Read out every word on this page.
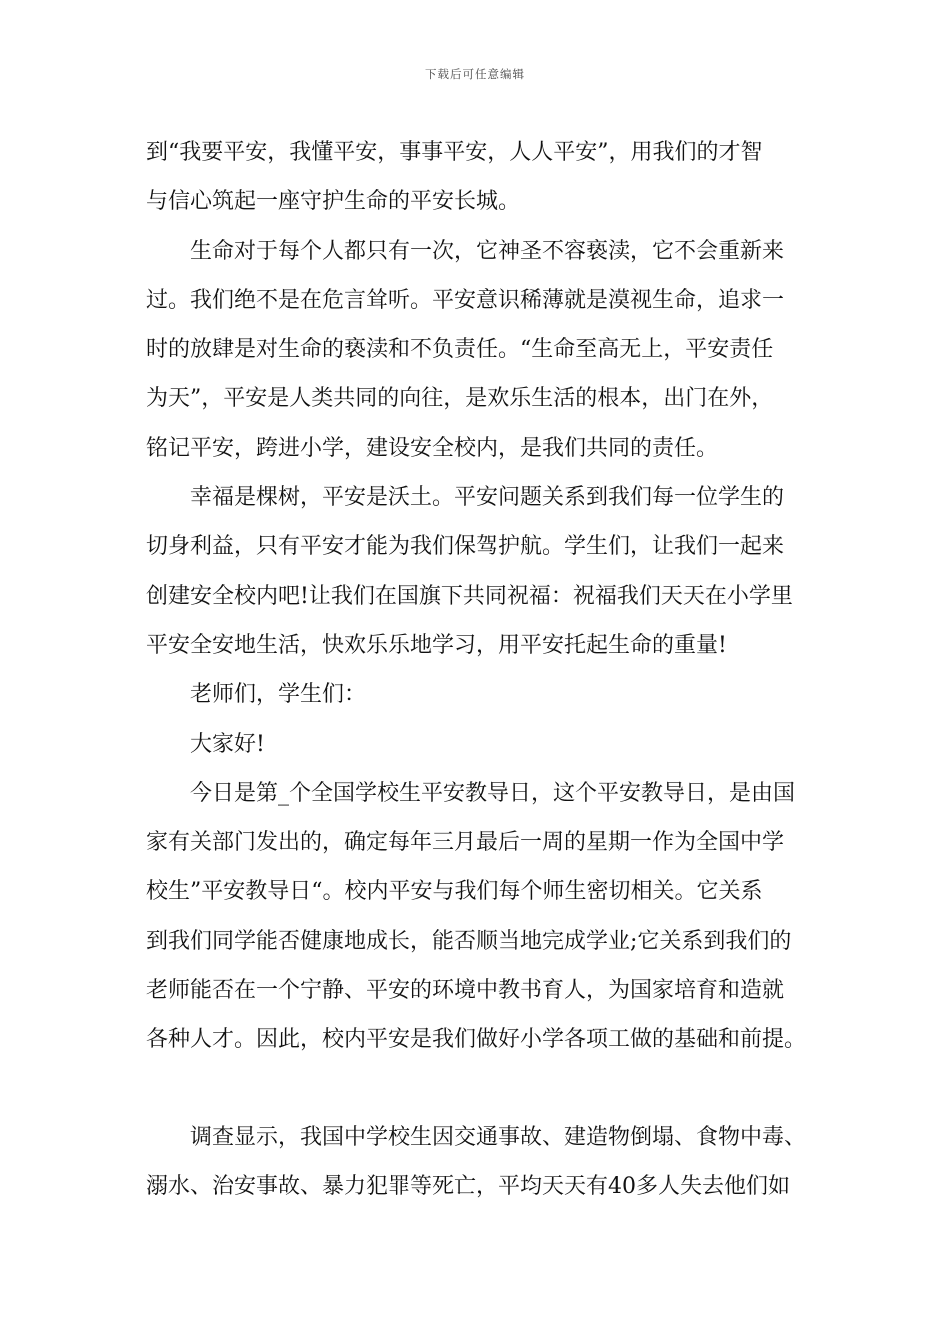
下载后可任意编辑
到“我要平安，我懂平安，事事平安，人人平安”，用我们的才智
与信心筑起一座守护生命的平安长城。
生命对于每个人都只有一次，它神圣不容亵渎，它不会重新来
过。我们绝不是在危言耸听。平安意识稀薄就是漠视生命，追求一
时的放肆是对生命的亵渎和不负责任。“生命至高无上，平安责任
为天”，平安是人类共同的向往，是欢乐生活的根本，出门在外，
铭记平安，跨进小学，建设安全校内，是我们共同的责任。
幸福是棵树，平安是沃土。平安问题关系到我们每一位学生的
切身利益，只有平安才能为我们保驾护航。学生们，让我们一起来
创建安全校内吧!让我们在国旗下共同祝福：祝福我们天天在小学里
平安全安地生活，快欢乐乐地学习，用平安托起生命的重量!
老师们，学生们：
大家好!
今日是第_个全国学校生平安教导日，这个平安教导日，是由国
家有关部门发出的，确定每年三月最后一周的星期一作为全国中学
校生”平安教导日“。校内平安与我们每个师生密切相关。它关系
到我们同学能否健康地成长，能否顺当地完成学业;它关系到我们的
老师能否在一个宁静、平安的环境中教书育人，为国家培育和造就
各种人才。因此，校内平安是我们做好小学各项工做的基础和前提。
调查显示，我国中学校生因交通事故、建造物倒塌、食物中毒、
溺水、治安事故、暴力犯罪等死亡，平均天天有40多人失去他们如
